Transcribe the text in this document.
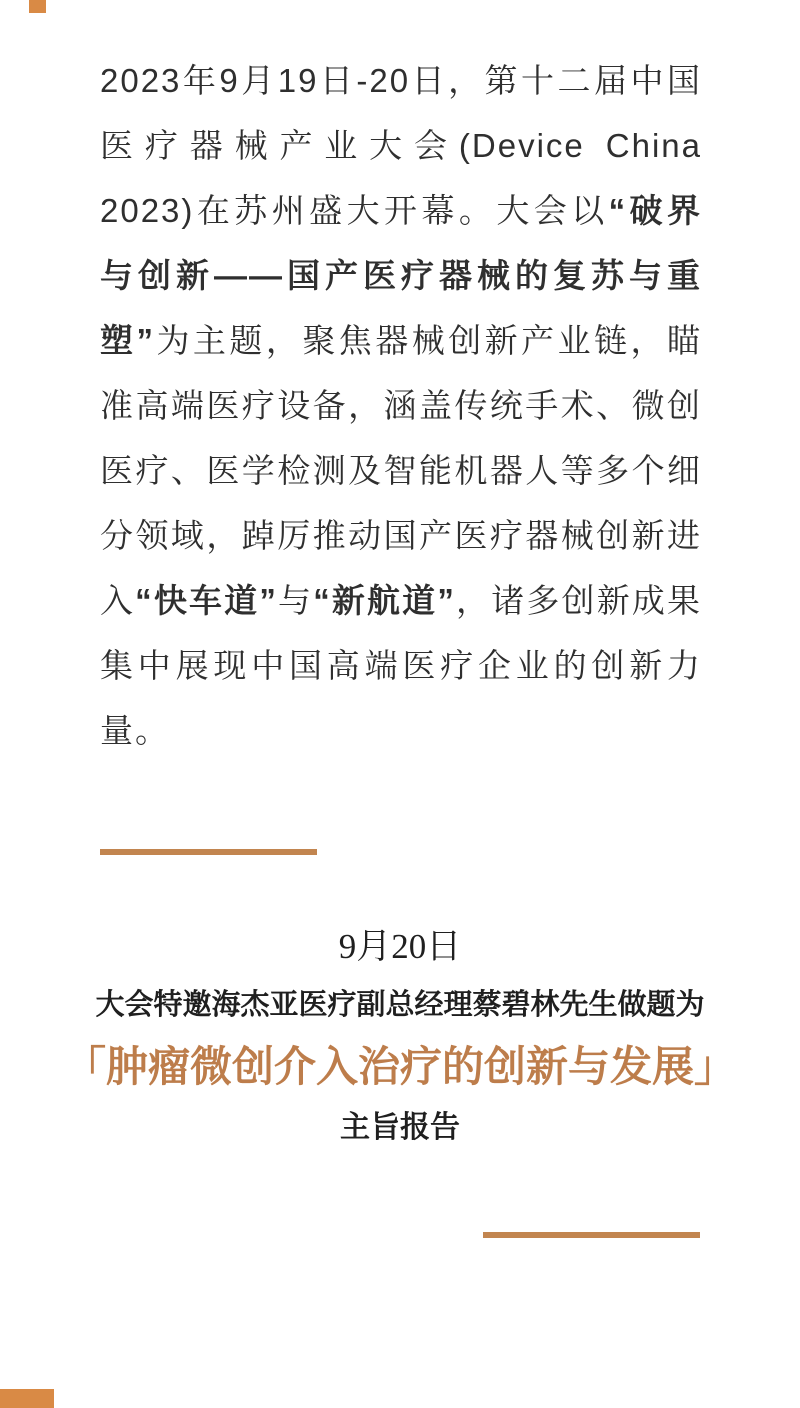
2023年9月19日-20日，第十二届中国医疗器械产业大会(Device China 2023)在苏州盛大开幕。大会以“破界与创新——国产医疗器械的复苏与重塑”为主题，聚焦器械创新产业链，瞄准高端医疗设备，涵盖传统手术、微创医疗、医学检测及智能机器人等多个细分领域，踔厉推动国产医疗器械创新进入“快车道”与“新航道”，诸多创新成果集中展现中国高端医疗企业的创新力量。
9月20日
大会特邀海杰亚医疗副总经理蔡碧林先生做题为
「肿瘤微创介入治疗的创新与发展」
主旨报告
